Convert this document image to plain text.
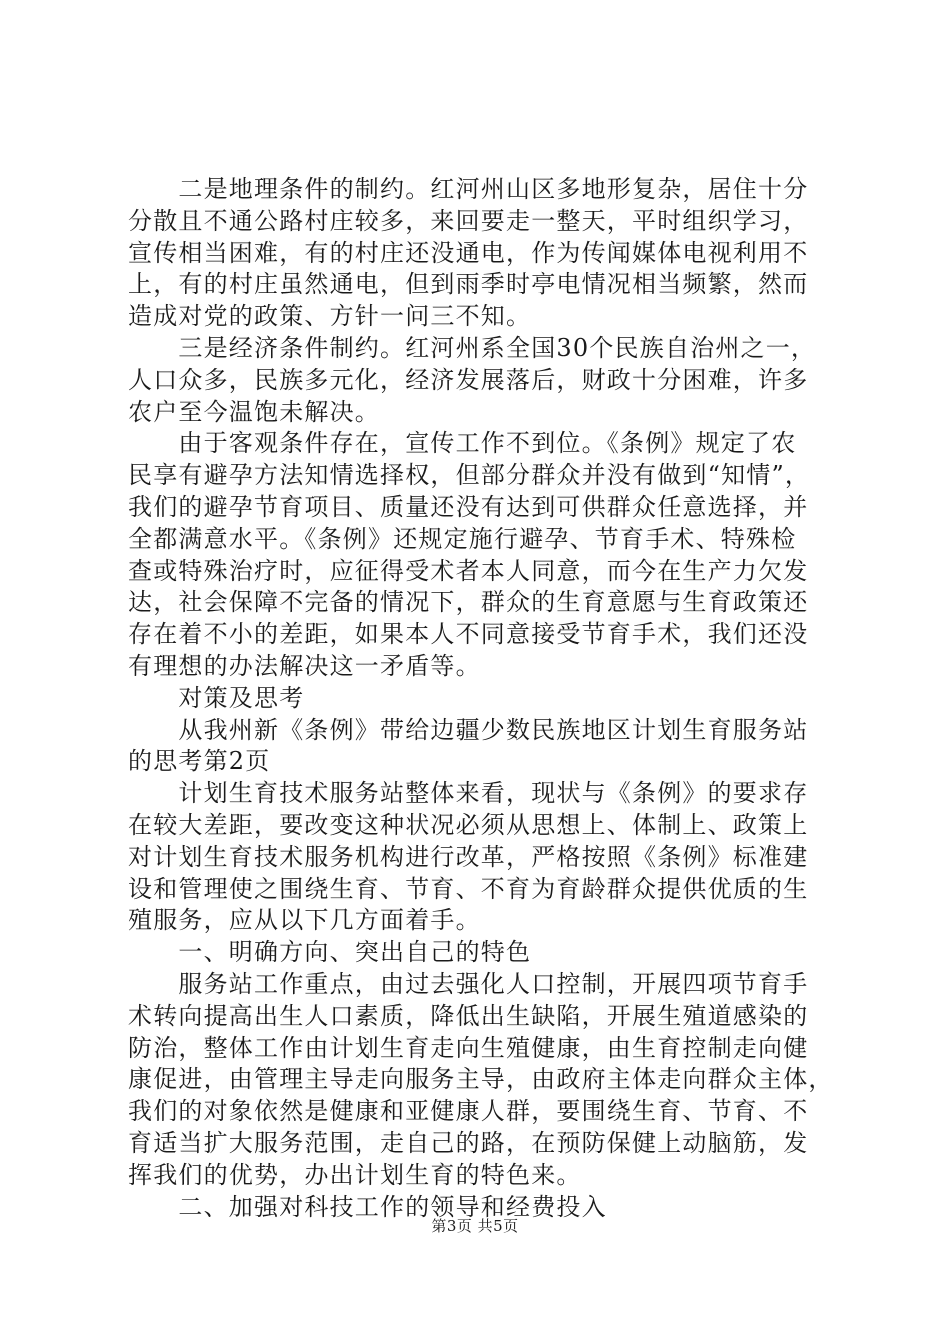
　　二是地理条件的制约。红河州山区多地形复杂，居住十分
分散且不通公路村庄较多，来回要走一整天，平时组织学习，
宣传相当困难，有的村庄还没通电，作为传闻媒体电视利用不
上，有的村庄虽然通电，但到雨季时亭电情况相当频繁，然而
造成对党的政策、方针一问三不知。
　　三是经济条件制约。红河州系全国30个民族自治州之一，
人口众多，民族多元化，经济发展落后，财政十分困难，许多
农户至今温饱未解决。
　　由于客观条件存在，宣传工作不到位。《条例》规定了农
民享有避孕方法知情选择权，但部分群众并没有做到“知情”，
我们的避孕节育项目、质量还没有达到可供群众任意选择，并
全都满意水平。《条例》还规定施行避孕、节育手术、特殊检
查或特殊治疗时，应征得受术者本人同意，而今在生产力欠发
达，社会保障不完备的情况下，群众的生育意愿与生育政策还
存在着不小的差距，如果本人不同意接受节育手术，我们还没
有理想的办法解决这一矛盾等。
　　对策及思考
　　从我州新《条例》带给边疆少数民族地区计划生育服务站
的思考第2页
　　计划生育技术服务站整体来看，现状与《条例》的要求存
在较大差距，要改变这种状况必须从思想上、体制上、政策上
对计划生育技术服务机构进行改革，严格按照《条例》标准建
设和管理使之围绕生育、节育、不育为育龄群众提供优质的生
殖服务，应从以下几方面着手。
　　一、明确方向、突出自己的特色
　　服务站工作重点，由过去强化人口控制，开展四项节育手
术转向提高出生人口素质，降低出生缺陷，开展生殖道感染的
防治，整体工作由计划生育走向生殖健康，由生育控制走向健
康促进，由管理主导走向服务主导，由政府主体走向群众主体，
我们的对象依然是健康和亚健康人群，要围绕生育、节育、不
育适当扩大服务范围，走自己的路，在预防保健上动脑筋，发
挥我们的优势，办出计划生育的特色来。
　　二、加强对科技工作的领导和经费投入
第3页 共5页
